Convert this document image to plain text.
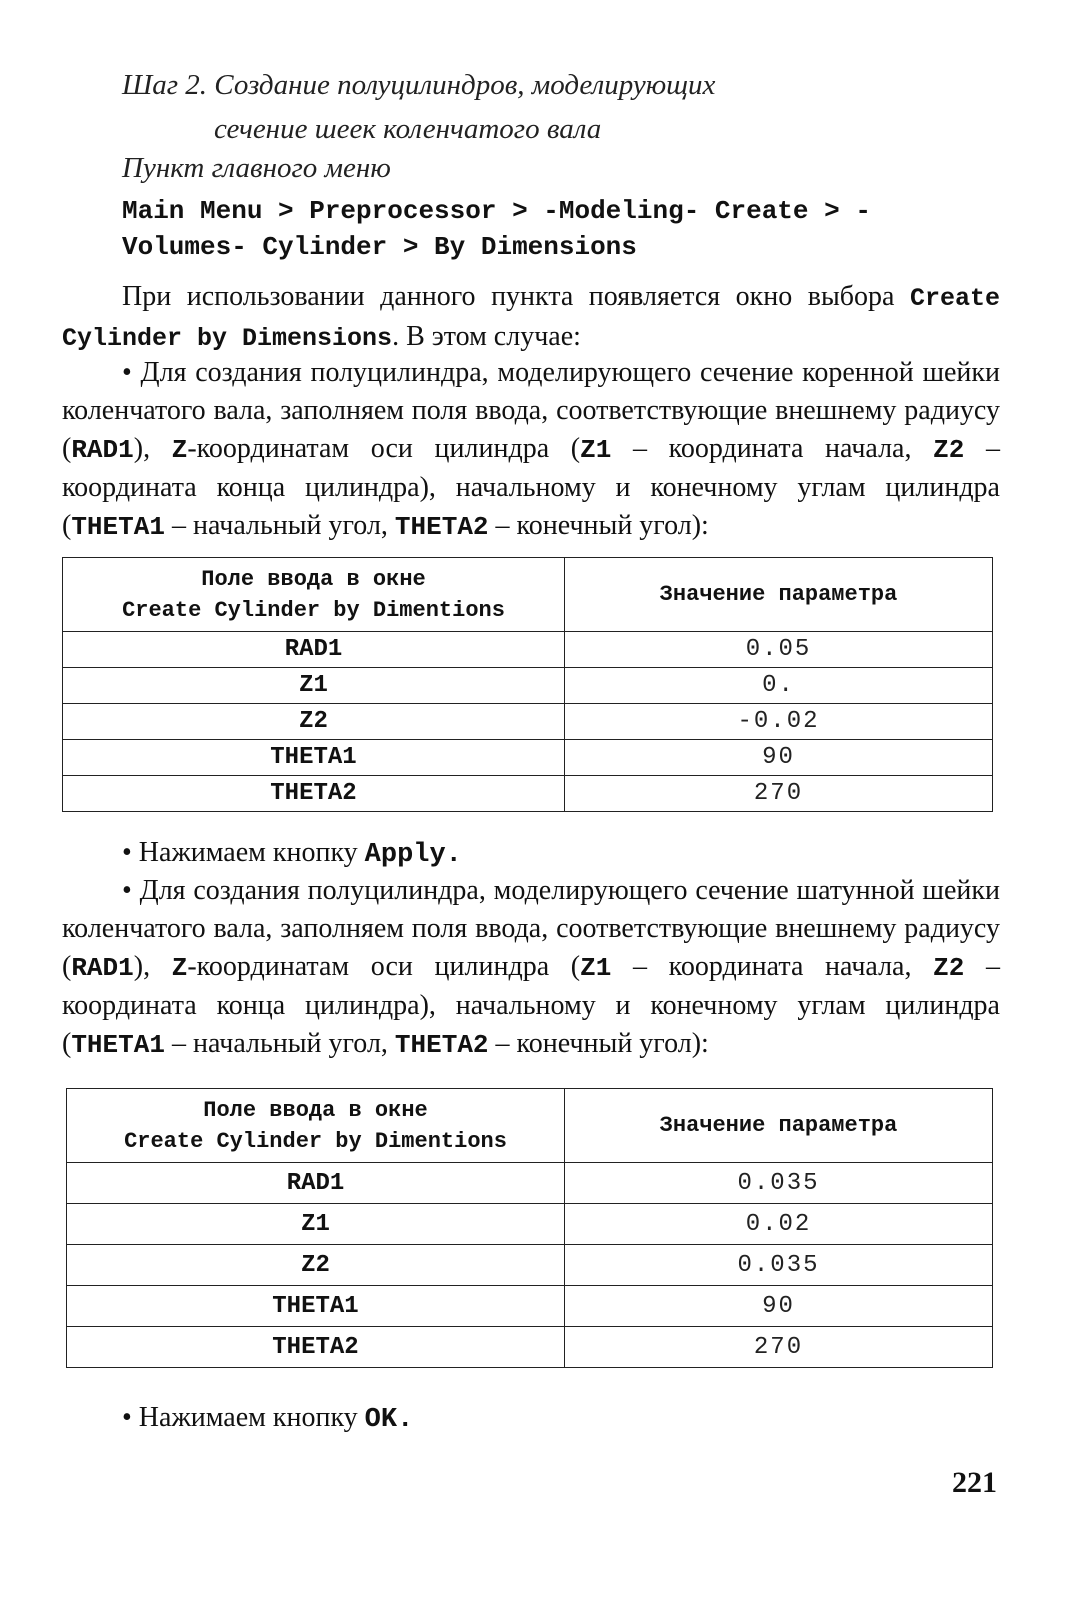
Шаг 2. Создание полуцилиндров, моделирующих
сечение шеек коленчатого вала
Пункт главного меню

Main Menu > Preprocessor > -Modeling- Create > -
Volumes- Cylinder > By Dimensions

При использовании данного пункта появляется окно выбора Create Cylinder by Dimensions. В этом случае:

• Для создания полуцилиндра, моделирующего сечение коренной шейки коленчатого вала, заполняем поля ввода, соответствующие внешнему радиусу (RAD1), Z-координатам оси цилиндра (Z1 – координата начала, Z2 – координата конца цилиндра), начальному и конечному углам цилиндра (THETA1 – начальный угол, THETA2 – конечный угол):

Поле ввода в окне
Create Cylinder by Dimentions	Значение параметра
RAD1	0.05
Z1	0.
Z2	-0.02
THETA1	90
THETA2	270

• Нажимаем кнопку Apply.

• Для создания полуцилиндра, моделирующего сечение шатунной шейки коленчатого вала, заполняем поля ввода, соответствующие внешнему радиусу (RAD1), Z-координатам оси цилиндра (Z1 – координата начала, Z2 – координата конца цилиндра), начальному и конечному углам цилиндра (THETA1 – начальный угол, THETA2 – конечный угол):

Поле ввода в окне
Create Cylinder by Dimentions	Значение параметра
RAD1	0.035
Z1	0.02
Z2	0.035
THETA1	90
THETA2	270

• Нажимаем кнопку OK.

221
